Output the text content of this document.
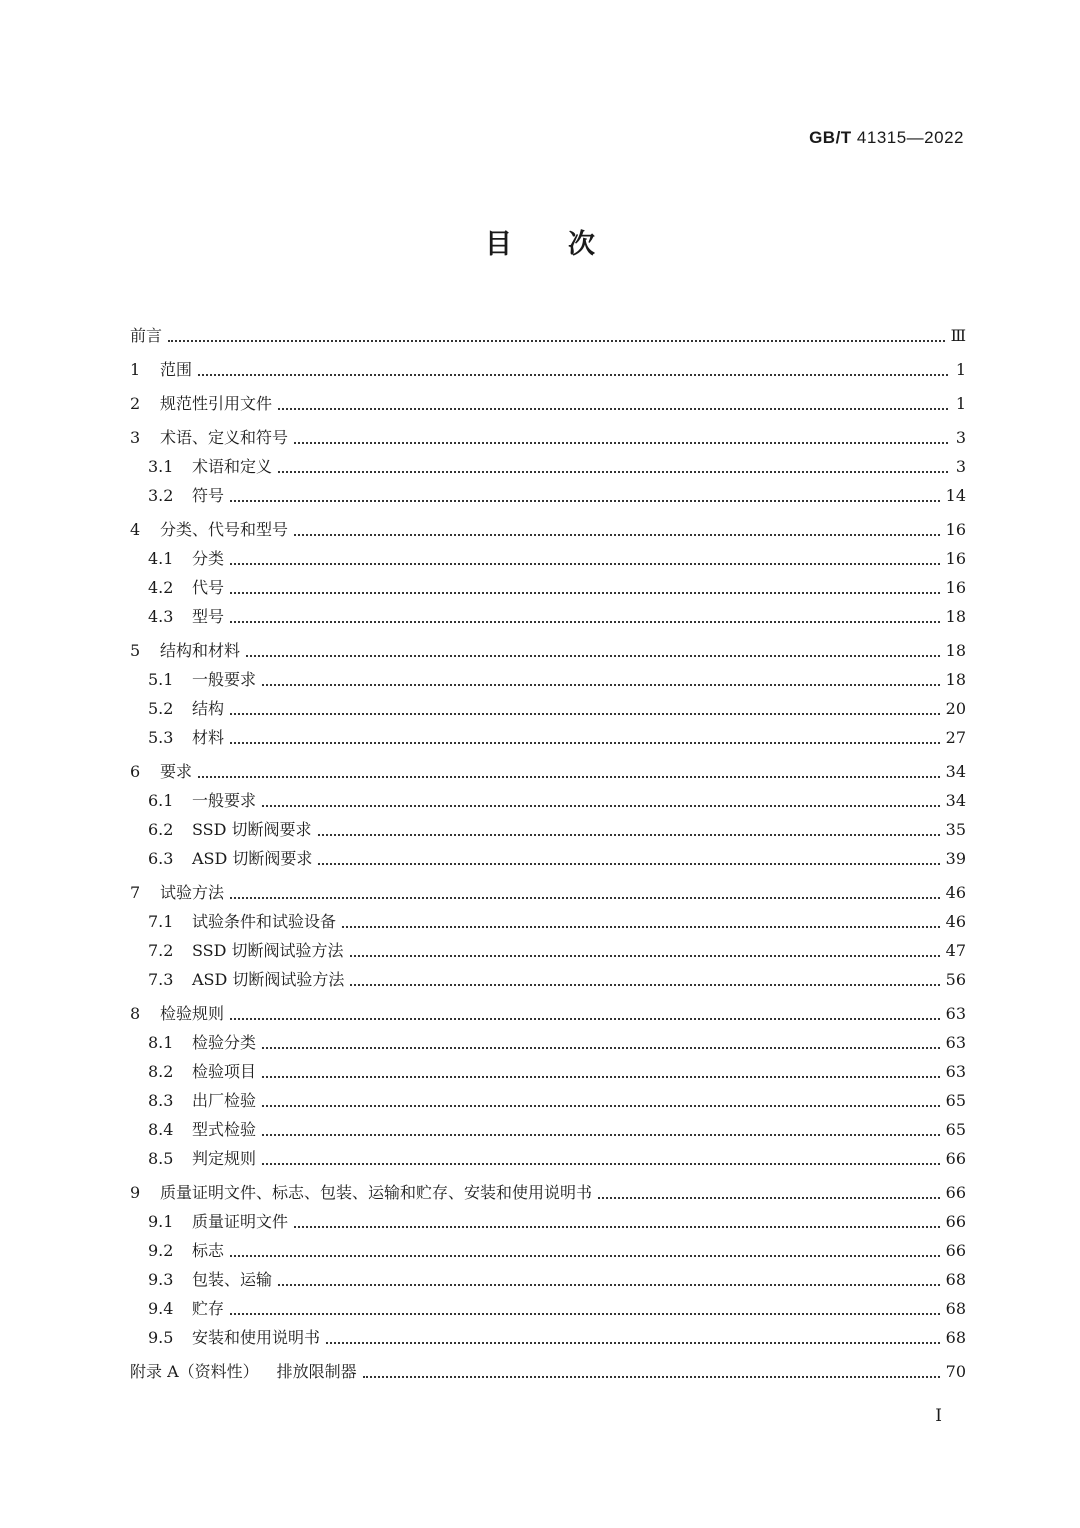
GB/T 41315—2022
目次
前言	Ⅲ
1	范围	1
2	规范性引用文件	1
3	术语、定义和符号	3
3.1	术语和定义	3
3.2	符号	14
4	分类、代号和型号	16
4.1	分类	16
4.2	代号	16
4.3	型号	18
5	结构和材料	18
5.1	一般要求	18
5.2	结构	20
5.3	材料	27
6	要求	34
6.1	一般要求	34
6.2	SSD 切断阀要求	35
6.3	ASD 切断阀要求	39
7	试验方法	46
7.1	试验条件和试验设备	46
7.2	SSD 切断阀试验方法	47
7.3	ASD 切断阀试验方法	56
8	检验规则	63
8.1	检验分类	63
8.2	检验项目	63
8.3	出厂检验	65
8.4	型式检验	65
8.5	判定规则	66
9	质量证明文件、标志、包装、运输和贮存、安装和使用说明书	66
9.1	质量证明文件	66
9.2	标志	66
9.3	包装、运输	68
9.4	贮存	68
9.5	安装和使用说明书	68
附录 A（资料性） 排放限制器	70
I
